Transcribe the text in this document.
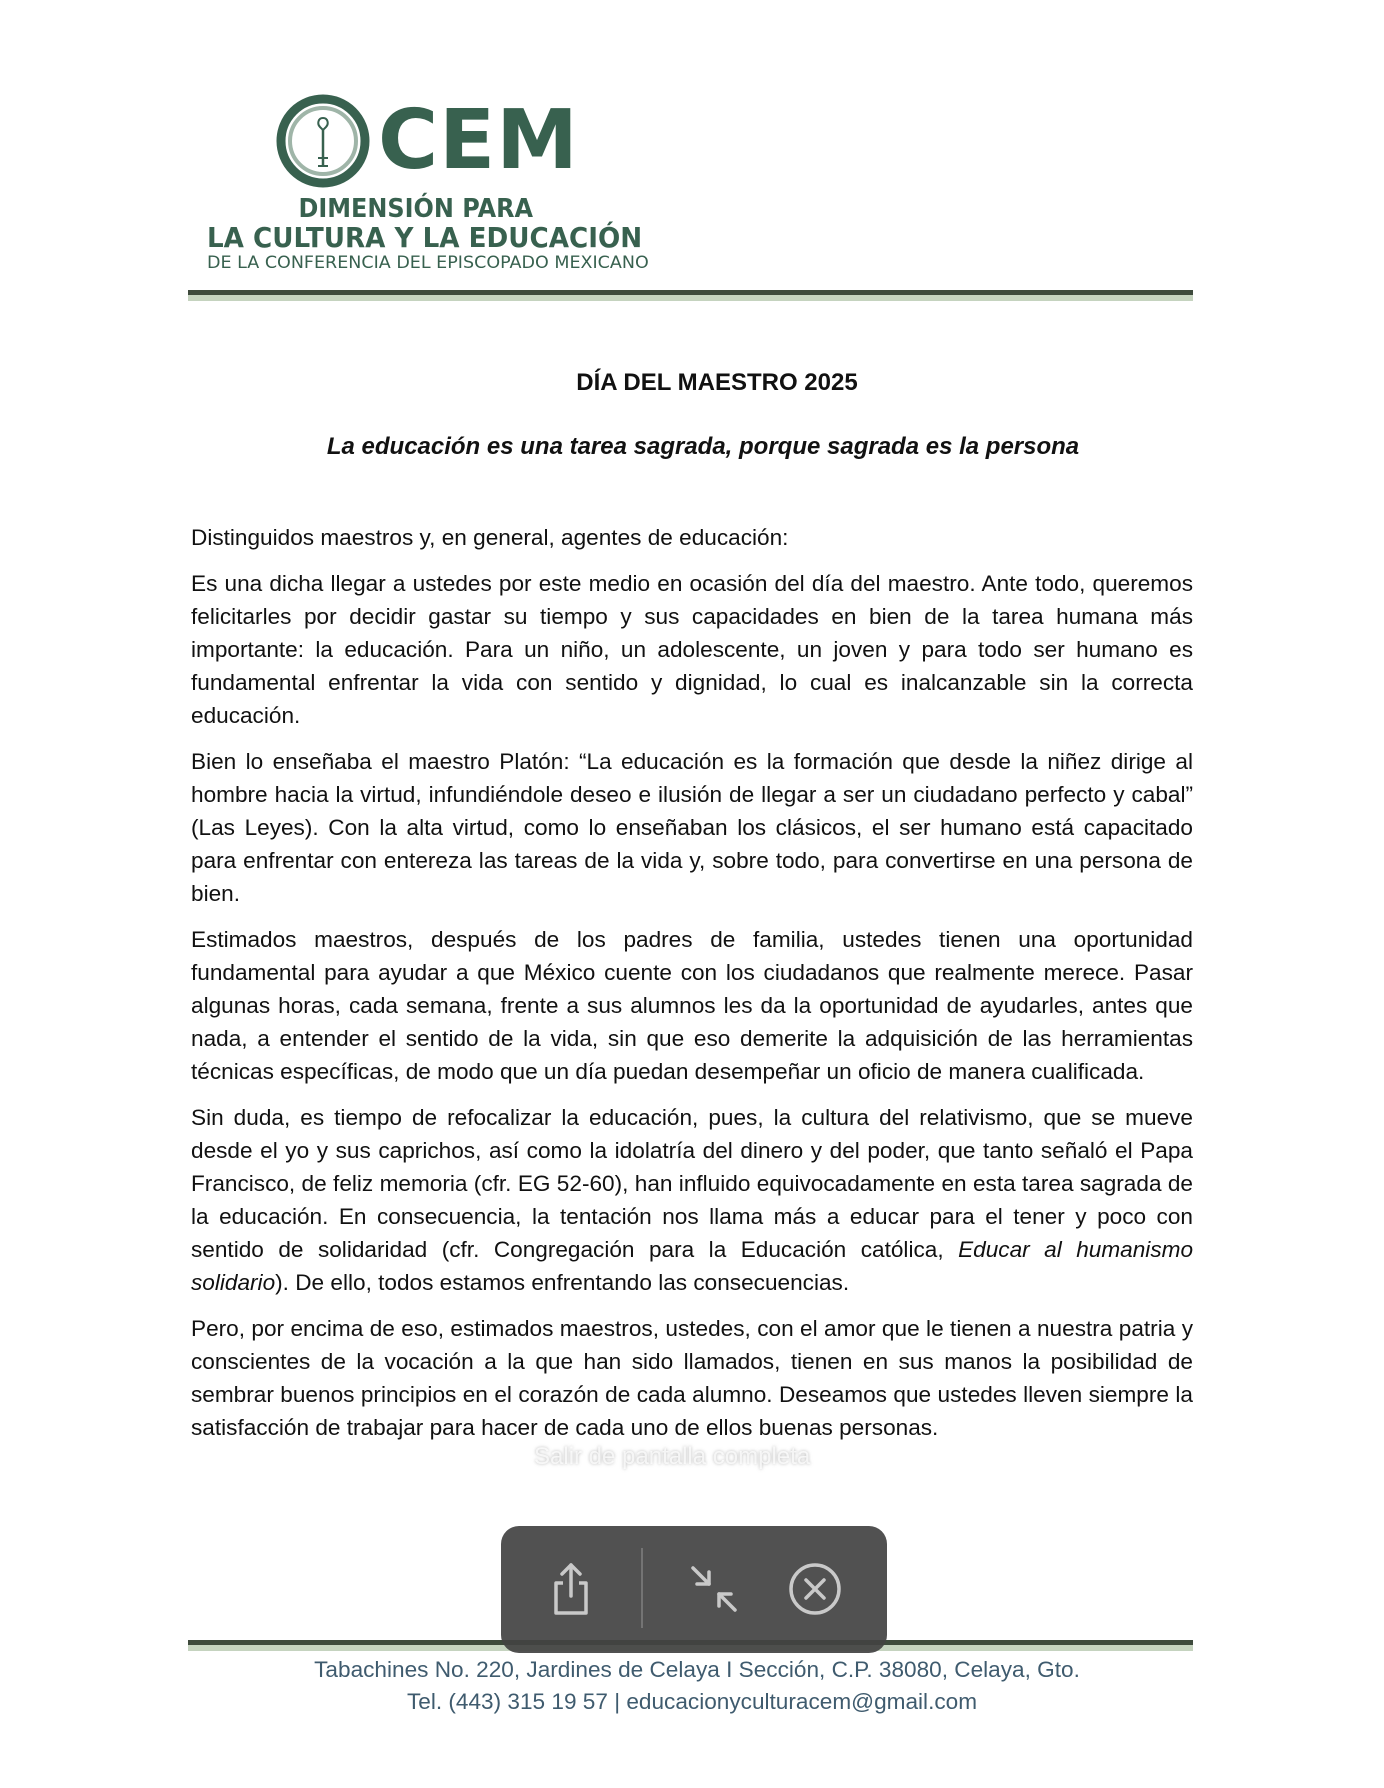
CEM
DIMENSIÓN PARA
LA CULTURA Y LA EDUCACIÓN
DE LA CONFERENCIA DEL EPISCOPADO MEXICANO
DÍA DEL MAESTRO 2025
La educación es una tarea sagrada, porque sagrada es la persona

Distinguidos maestros y, en general, agentes de educación:

Es una dicha llegar a ustedes por este medio en ocasión del día del maestro. Ante todo, queremos felicitarles por decidir gastar su tiempo y sus capacidades en bien de la tarea humana más importante: la educación. Para un niño, un adolescente, un joven y para todo ser humano es fundamental enfrentar la vida con sentido y dignidad, lo cual es inalcanzable sin la correcta educación.

Bien lo enseñaba el maestro Platón: “La educación es la formación que desde la niñez dirige al hombre hacia la virtud, infundiéndole deseo e ilusión de llegar a ser un ciudadano perfecto y cabal” (Las Leyes). Con la alta virtud, como lo enseñaban los clásicos, el ser humano está capacitado para enfrentar con entereza las tareas de la vida y, sobre todo, para convertirse en una persona de bien.

Estimados maestros, después de los padres de familia, ustedes tienen una oportunidad fundamental para ayudar a que México cuente con los ciudadanos que realmente merece. Pasar algunas horas, cada semana, frente a sus alumnos les da la oportunidad de ayudarles, antes que nada, a entender el sentido de la vida, sin que eso demerite la adquisición de las herramientas técnicas específicas, de modo que un día puedan desempeñar un oficio de manera cualificada.

Sin duda, es tiempo de refocalizar la educación, pues, la cultura del relativismo, que se mueve desde el yo y sus caprichos, así como la idolatría del dinero y del poder, que tanto señaló el Papa Francisco, de feliz memoria (cfr. EG 52-60), han influido equivocadamente en esta tarea sagrada de la educación. En consecuencia, la tentación nos llama más a educar para el tener y poco con sentido de solidaridad (cfr. Congregación para la Educación católica, Educar al humanismo solidario). De ello, todos estamos enfrentando las consecuencias.

Pero, por encima de eso, estimados maestros, ustedes, con el amor que le tienen a nuestra patria y conscientes de la vocación a la que han sido llamados, tienen en sus manos la posibilidad de sembrar buenos principios en el corazón de cada alumno. Deseamos que ustedes lleven siempre la satisfacción de trabajar para hacer de cada uno de ellos buenas personas.

Tabachines No. 220, Jardines de Celaya I Sección, C.P. 38080, Celaya, Gto.
Tel. (443) 315 19 57 | educacionyculturacem@gmail.com
Salir de pantalla completa
